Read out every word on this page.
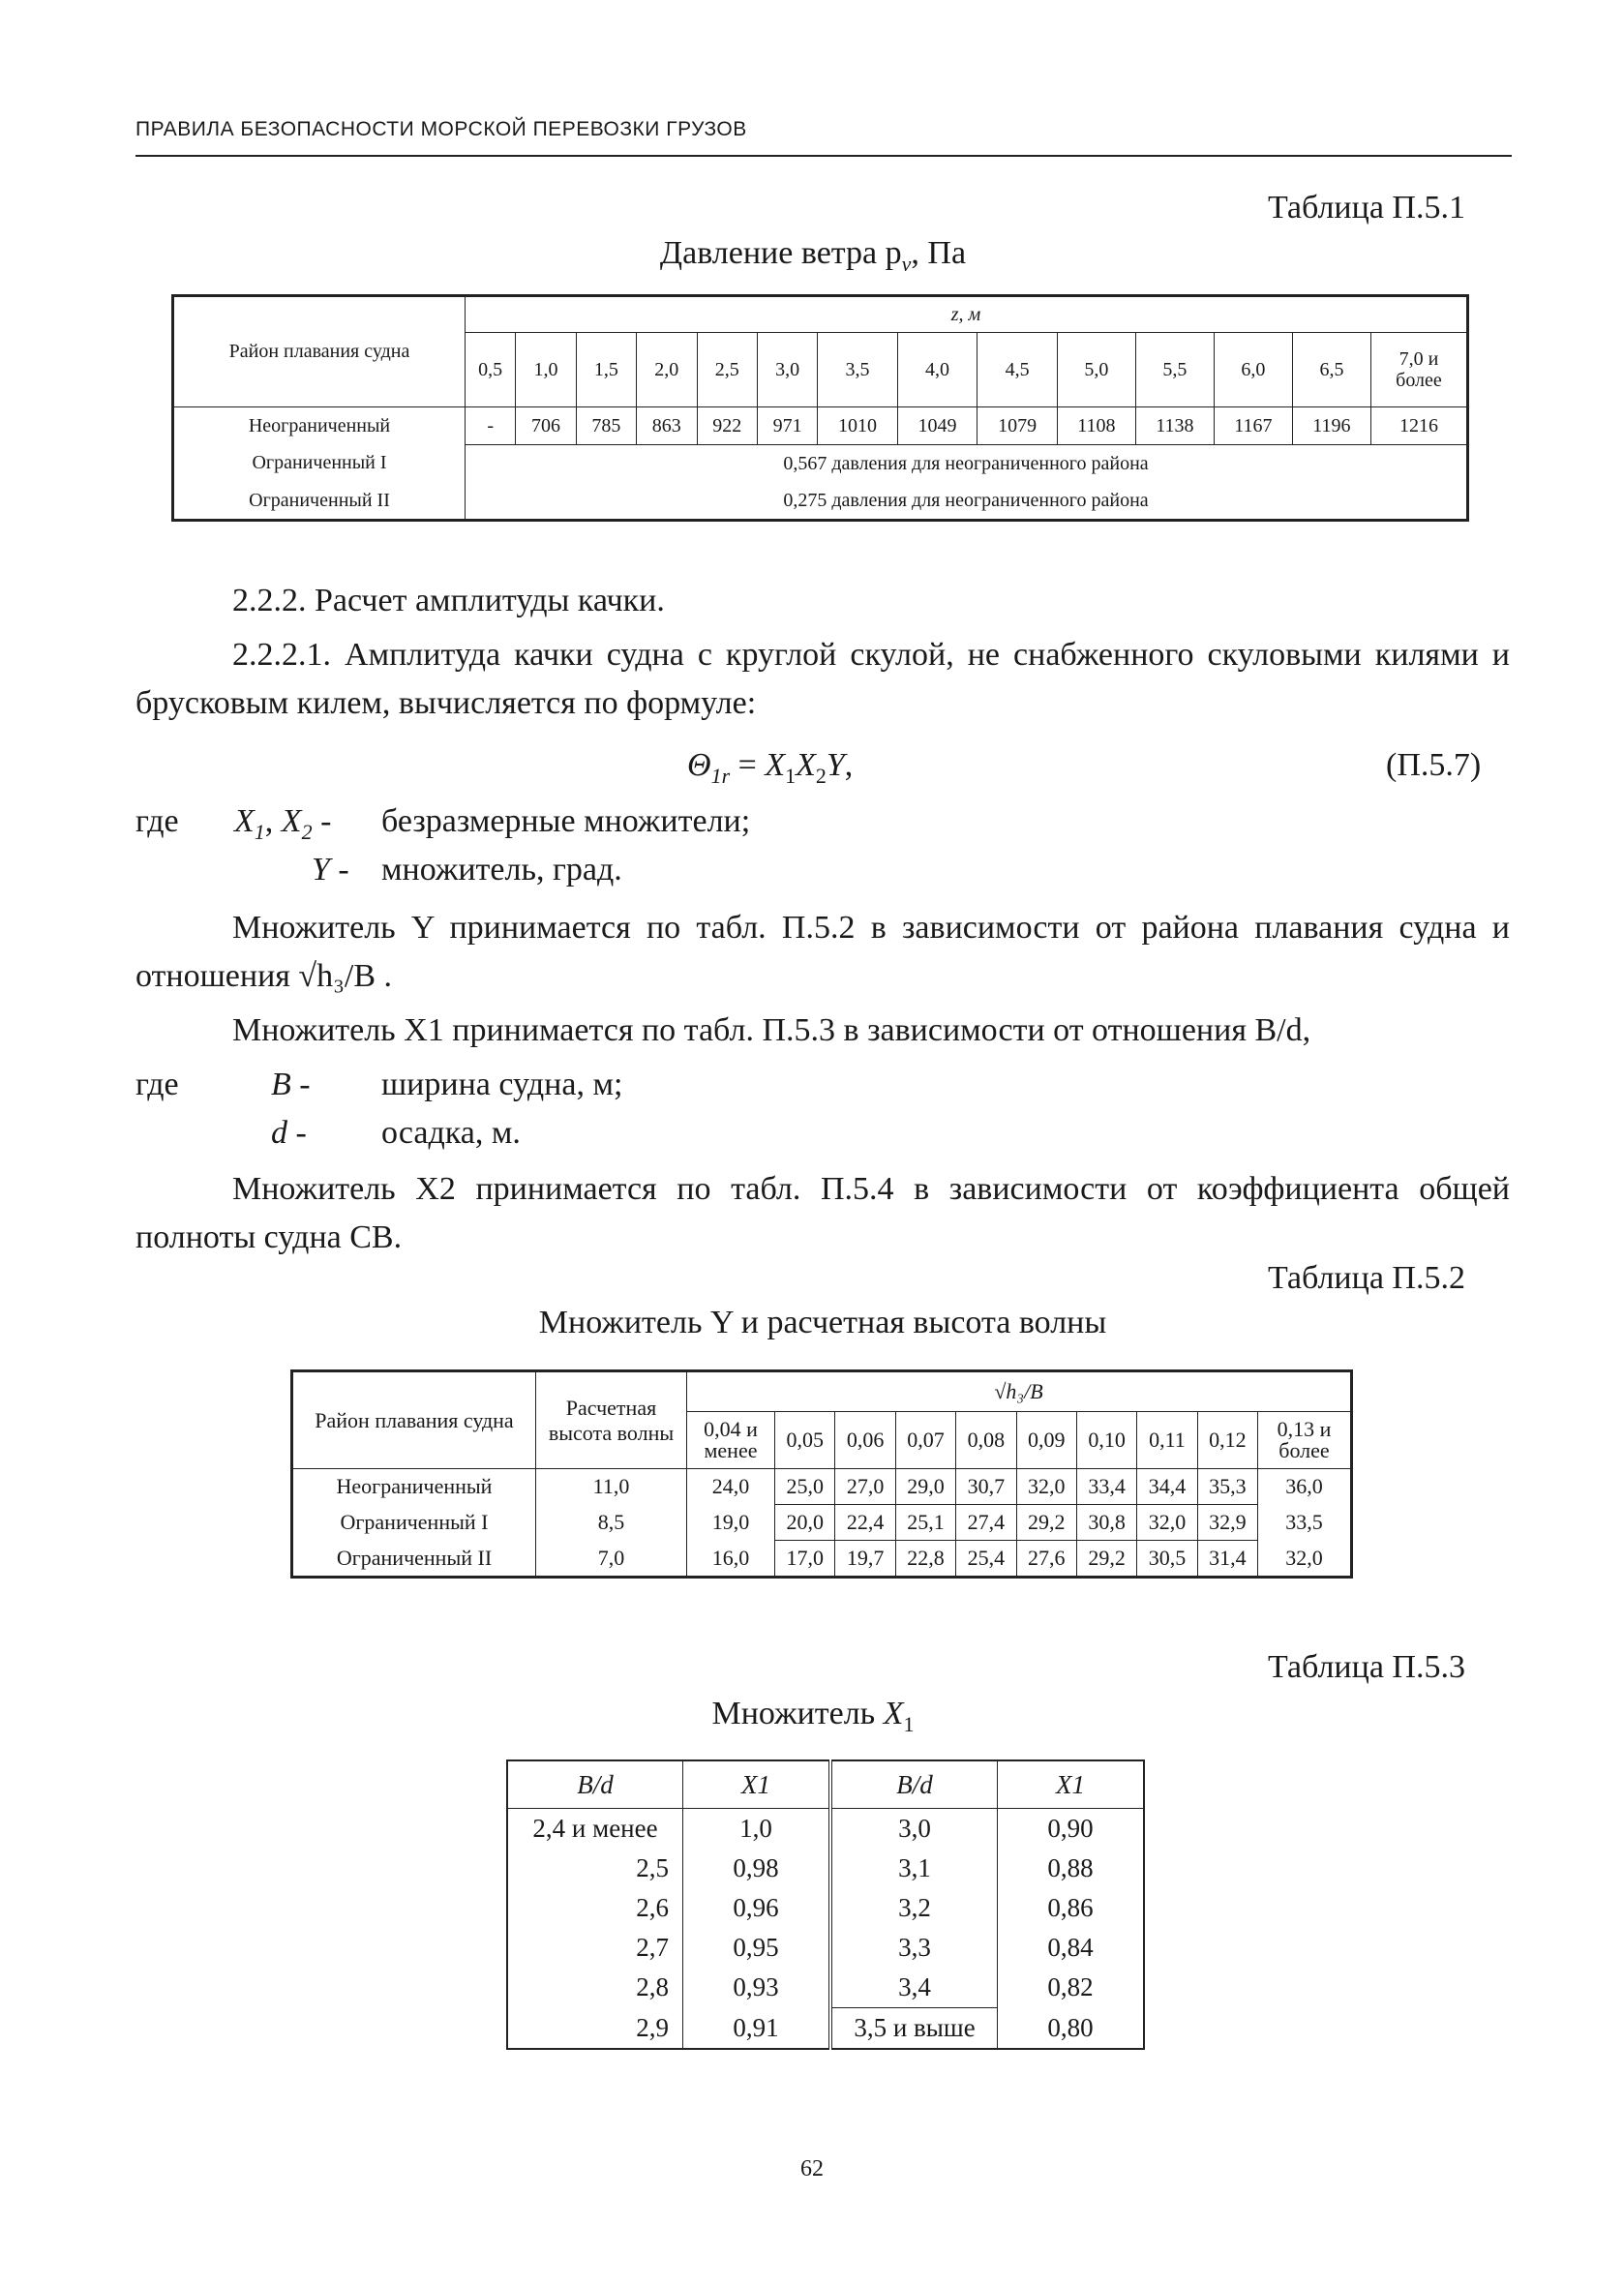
ПРАВИЛА БЕЗОПАСНОСТИ МОРСКОЙ ПЕРЕВОЗКИ ГРУЗОВ
Таблица П.5.1
Давление ветра $p_v$, Па
Район плавания судна	z, м													
	0,5	1,0	1,5	2,0	2,5	3,0	3,5	4,0	4,5	5,0	5,5	6,0	6,5	7,0 и
более
Неограниченный	-	706	785	863	922	971	1010	1049	1079	1108	1138	1167	1196	1216
Ограниченный I	0,567 давления для неограниченного района													
Ограниченный II	0,275 давления для неограниченного района													
2.2.2. Расчет амплитуды качки.
2.2.2.1. Амплитуда качки судна с круглой скулой, не снабженного скуловыми килями и брусковым килем, вычисляется по формуле:
$\Theta_{1r} = X_1X_2Y$,	(П.5.7)
где $X_1$, $X_2$ - безразмерные множители;
Y - множитель, град.
Множитель Y принимается по табл. П.5.2 в зависимости от района плавания судна и отношения √h₃/B .
Множитель X1 принимается по табл. П.5.3 в зависимости от отношения B/d,
где	B - ширина судна, м;
d - осадка, м.
Множитель X2 принимается по табл. П.5.4 в зависимости от коэффициента общей полноты судна CB.
Таблица П.5.2
Множитель Y и расчетная высота волны
Район плавания судна	Расчетная высота волны	√h₃/B									
		0,04 и
менее	0,05	0,06	0,07	0,08	0,09	0,10	0,11	0,12	0,13 и
более
Неограниченный	11,0	24,0	25,0	27,0	29,0	30,7	32,0	33,4	34,4	35,3	36,0
Ограниченный I	8,5	19,0	20,0	22,4	25,1	27,4	29,2	30,8	32,0	32,9	33,5
Ограниченный II	7,0	16,0	17,0	19,7	22,8	25,4	27,6	29,2	30,5	31,4	32,0
Таблица П.5.3
Множитель $X_1$
B/d	X1	B/d	X1
2,4 и менее	1,0	3,0	0,90
2,5	0,98	3,1	0,88
2,6	0,96	3,2	0,86
2,7	0,95	3,3	0,84
2,8	0,93	3,4	0,82
2,9	0,91	3,5 и выше	0,80
62
